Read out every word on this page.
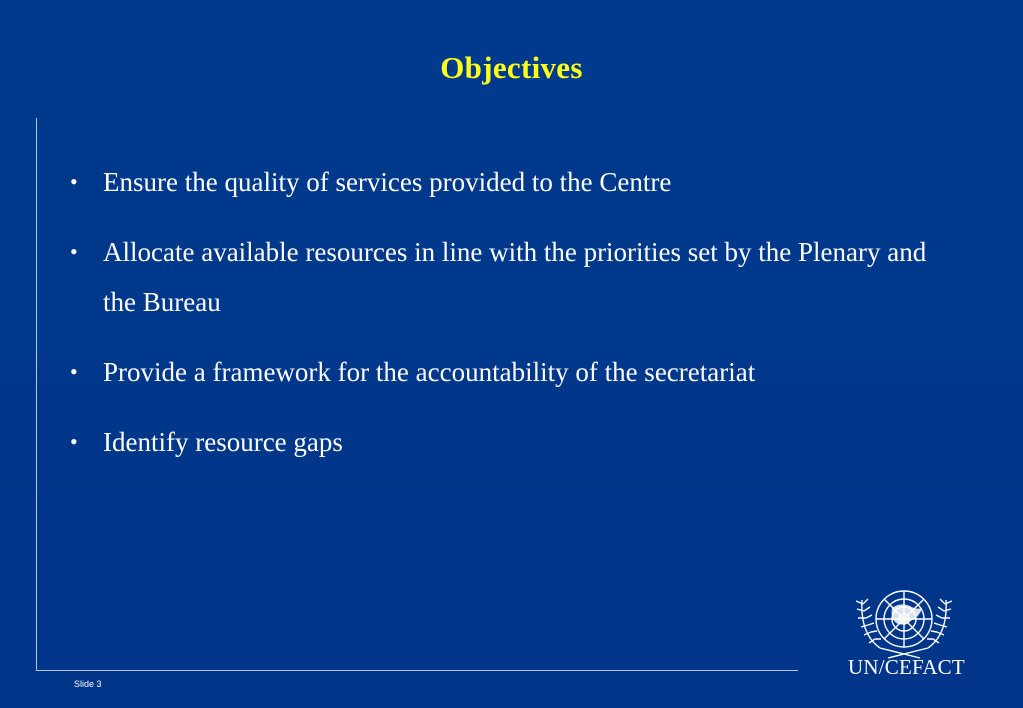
Objectives
• Ensure the quality of services provided to the Centre
• Allocate available resources in line with the priorities set by the Plenary and the Bureau
• Provide a framework for the accountability of the secretariat
• Identify resource gaps
Slide 3
UN/CEFACT
